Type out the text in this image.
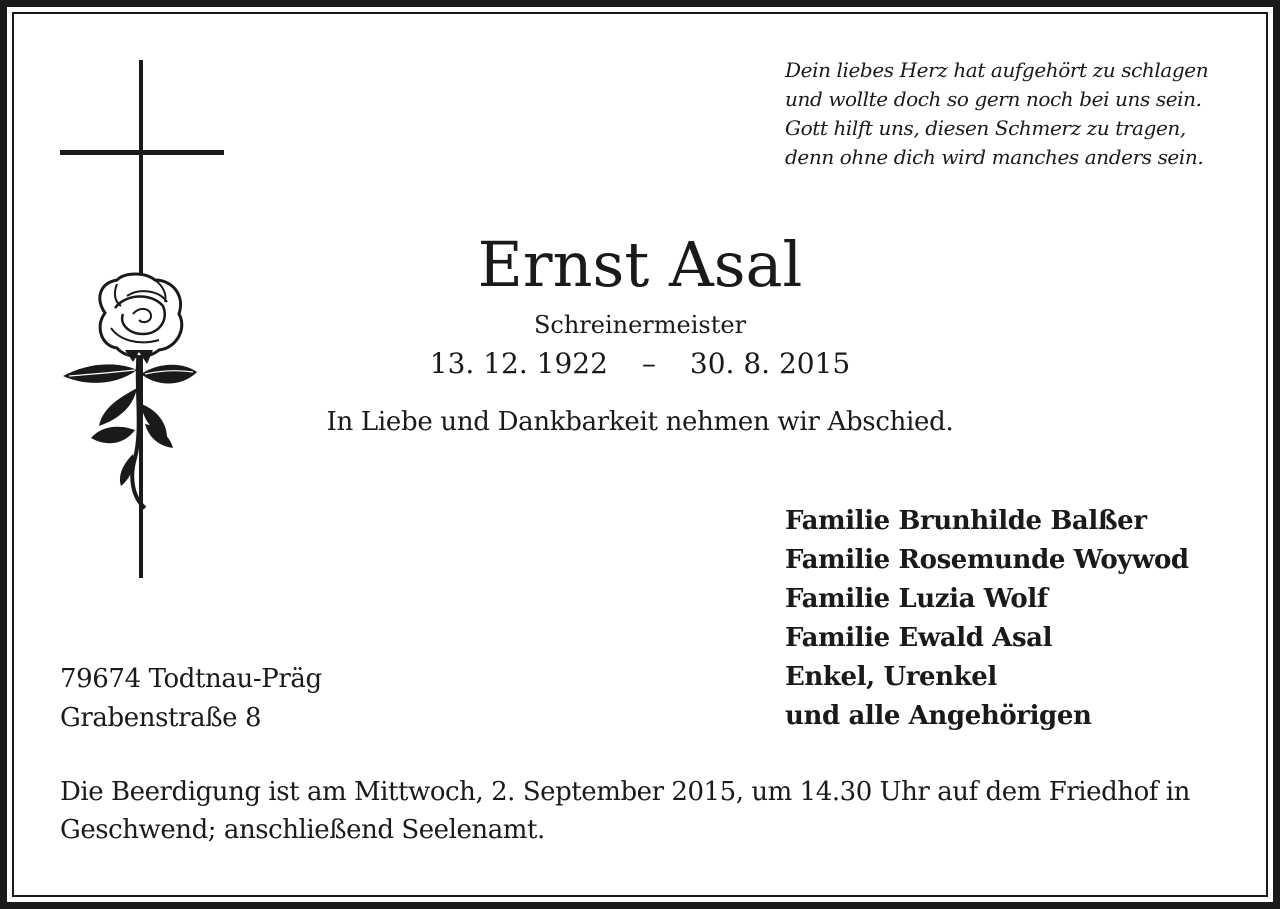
Dein liebes Herz hat aufgehört zu schlagen
und wollte doch so gern noch bei uns sein.
Gott hilft uns, diesen Schmerz zu tragen,
denn ohne dich wird manches anders sein.
Ernst Asal
Schreinermeister
13. 12. 1922 – 30. 8. 2015
In Liebe und Dankbarkeit nehmen wir Abschied.
Familie Brunhilde Balßer
Familie Rosemunde Woywod
Familie Luzia Wolf
Familie Ewald Asal
Enkel, Urenkel
und alle Angehörigen
79674 Todtnau-Präg
Grabenstraße 8
Die Beerdigung ist am Mittwoch, 2. September 2015, um 14.30 Uhr auf dem Friedhof in Geschwend; anschließend Seelenamt.
